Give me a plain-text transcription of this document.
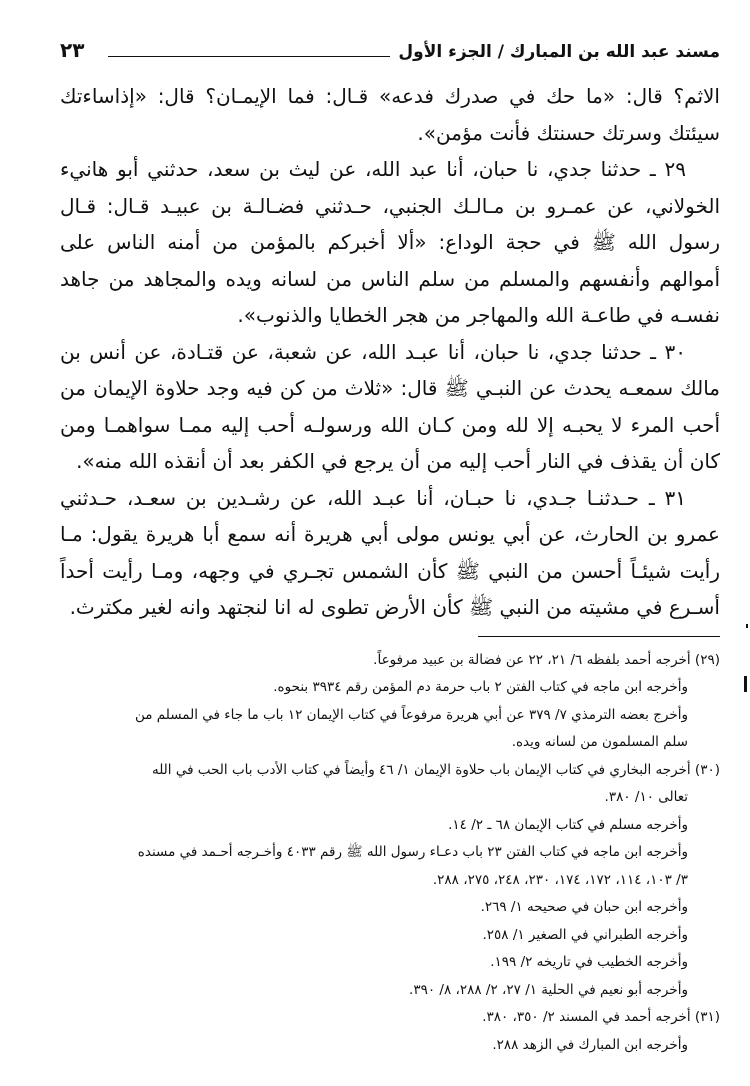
٢٣	مسند عبد الله بن المبارك / الجزء الأول

الاثم؟ قال: «ما حك في صدرك فدعه» قـال: فما الإيمـان؟ قال: «إذاساءتك سيئتك وسرتك حسنتك فأنت مؤمن».

٢٩ ـ حدثنا جدي، نا حبان، أنا عبد الله، عن ليث بن سعد، حدثني أبو هانيء الخولاني، عن عمـرو بن مـالـك الجنبي، حـدثني فضـالـة بن عبيـد قـال: قـال رسول الله ﷺ في حجة الوداع: «ألا أخبركم بالمؤمن من أمنه الناس على أموالهم وأنفسهم والمسلم من سلم الناس من لسانه ويده والمجاهد من جاهد نفسـه في طاعـة الله والمهاجر من هجر الخطايا والذنوب».

٣٠ ـ حدثنا جدي، نا حبان، أنا عبـد الله، عن شعبة، عن قتـادة، عن أنس بن مالك سمعـه يحدث عن النبـي ﷺ قال: «ثلاث من كن فيه وجد حلاوة الإيمان من أحب المرء لا يحبـه إلا لله ومن كـان الله ورسولـه أحب إليه ممـا سواهمـا ومن كان أن يقذف في النار أحب إليه من أن يرجع في الكفر بعد أن أنقذه الله منه».

٣١ ـ حـدثنـا جـدي، نا حبـان، أنا عبـد الله، عن رشـدين بن سعـد، حـدثني عمرو بن الحارث، عن أبي يونس مولى أبي هريرة أنه سمع أبا هريرة يقول: مـا رأيت شيئـاً أحسن من النبي ﷺ كأن الشمس تجـري في وجهه، ومـا رأيت أحداً أسـرع في مشيته من النبي ﷺ كأن الأرض تطوى له انا لنجتهد وانه لغير مكترث.

(٢٩) أخرجه أحمد بلفظه ٦/ ٢١، ٢٢ عن فضالة بن عبيد مرفوعاً.

وأخرجه ابن ماجه في كتاب الفتن ٢ باب حرمة دم المؤمن رقم ٣٩٣٤ بنحوه.

وأخرج بعضه الترمذي ٧/ ٣٧٩ عن أبي هريرة مرفوعاً في كتاب الإيمان ١٢ باب ما جاء في المسلم من

سلم المسلمون من لسانه ويده.

(٣٠) أخرجه البخاري في كتاب الإيمان باب حلاوة الإيمان ١/ ٤٦ وأيضاً في كتاب الأدب باب الحب في الله

تعالى ١٠/ ٣٨٠.

وأخرجه مسلم في كتاب الإيمان ٦٨ ـ ٢/ ١٤.

وأخرجه ابن ماجه في كتاب الفتن ٢٣ باب دعـاء رسول الله ﷺ رقم ٤٠٣٣ وأخـرجه أحـمد في مسنده

٣/ ١٠٣، ١١٤، ١٧٢، ١٧٤، ٢٣٠، ٢٤٨، ٢٧٥، ٢٨٨.

وأخرجه ابن حبان في صحيحه ١/ ٢٦٩.

وأخرجه الطبراني في الصغير ١/ ٢٥٨.

وأخرجه الخطيب في تاريخه ٢/ ١٩٩.

وأخرجه أبو نعيم في الحلية ١/ ٢٧، ٢/ ٢٨٨، ٨/ ٣٩٠.

(٣١) أخرجه أحمد في المسند ٢/ ٣٥٠، ٣٨٠.

وأخرجه ابن المبارك في الزهد ٢٨٨.
